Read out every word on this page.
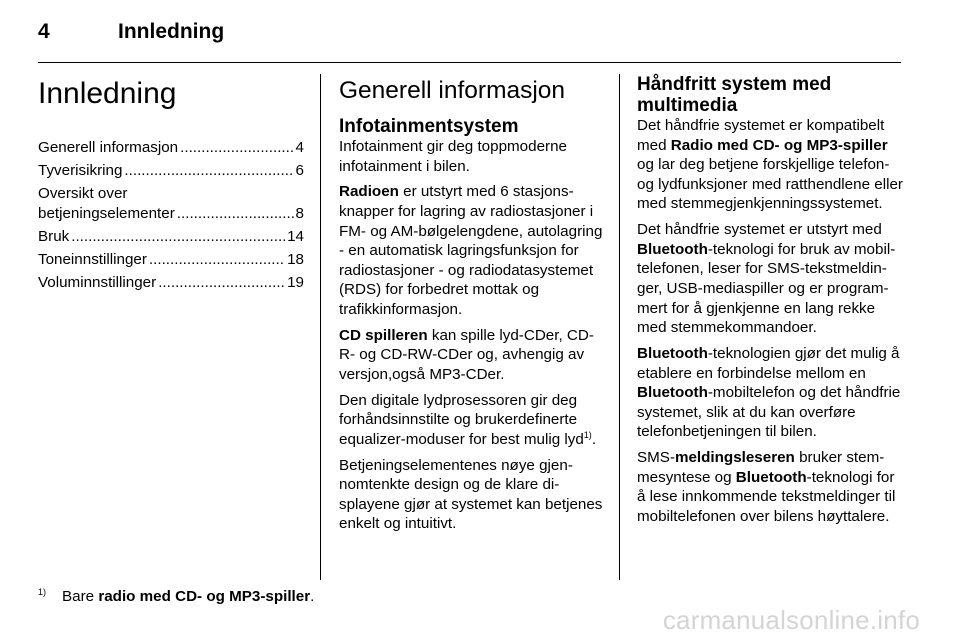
4	Innledning
Innledning
Generell informasjon .....	4
Tyverisikring .....	6
Oversikt over
betjeningselementer .....	8
Bruk .....	14
Toneinnstillinger .....	18
Voluminnstillinger .....	19
Generell informasjon
Infotainmentsystem

Infotainment gir deg toppmoderne infotainment i bilen.

Radioen er utstyrt med 6 stasjonsknapper for lagring av radiostasjoner i FM- og AM-bølgelengdene, autolagring - en automatisk lagringsfunksjon for radiostasjoner - og radiodatasystemet (RDS) for forbedret mottak og trafikkinformasjon.

CD spilleren kan spille lyd-CDer, CD-R- og CD-RW-CDer og, avhengig av versjon,også MP3-CDer.

Den digitale lydprosessoren gir deg forhåndsinnstilte og brukerdefinerte equalizer-moduser for best mulig lyd$^{1)}$.

Betjeningselementenes nøye gjennomtenkte design og de klare displayene gjør at systemet kan betjenes enkelt og intuitivt.

Håndfritt system med multimedia

Det håndfrie systemet er kompatibelt med Radio med CD- og MP3-spiller og lar deg betjene forskjellige telefon- og lydfunksjoner med ratthendlene eller med stemmegjenkjenningssystemet.

Det håndfrie systemet er utstyrt med Bluetooth-teknologi for bruk av mobiltelefonen, leser for SMS-tekstmeldinger, USB-mediaspiller og er programmert for å gjenkjenne en lang rekke med stemmekommandoer.

Bluetooth-teknologien gjør det mulig å etablere en forbindelse mellom en Bluetooth-mobiltelefon og det håndfrie systemet, slik at du kan overføre telefonbetjeningen til bilen.

SMS-meldingsleseren bruker stemmesyntese og Bluetooth-teknologi for å lese innkommende tekstmeldinger til mobiltelefonen over bilens høyttalere.

$^{1)}$ Bare radio med CD- og MP3-spiller.
carmanualsonline.info
